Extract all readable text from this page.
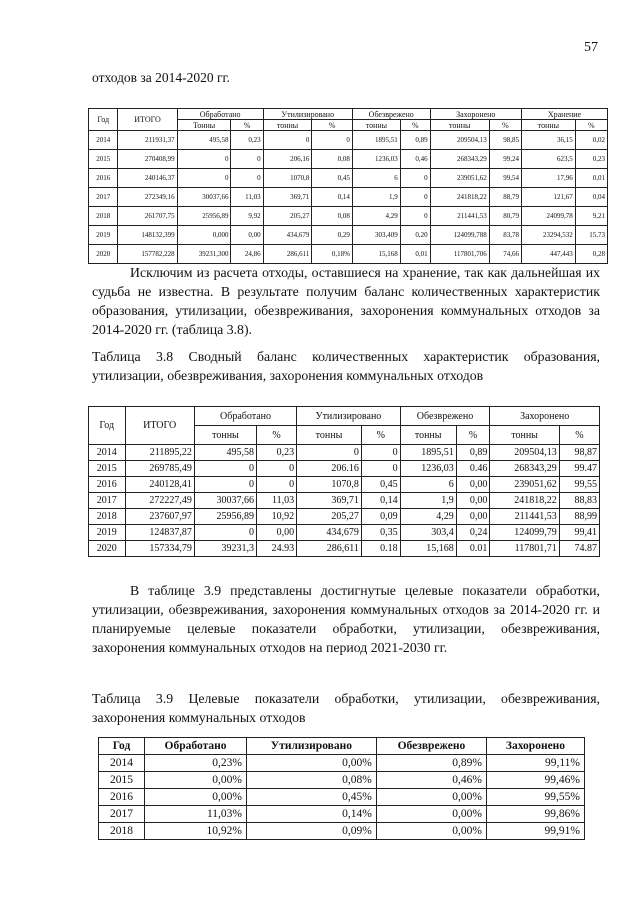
57
отходов за 2014-2020 гг.
Год	ИТОГО	Обработано		Утилизировано		Обезврежено		Захоронено		Хранение	
		Тонны	%	тонны	%	тонны	%	тонны	%	тонны	%
2014	211931,37	495,58	0,23	0	0	1895,51	0,89	209504,13	98,85	36,15	0,02
2015	270408,99	0	0	206,16	0,08	1236,03	0,46	268343,29	99,24	623,5	0,23
2016	240146,37	0	0	1070,8	0,45	6	0	239051,62	99,54	17,96	0,01
2017	272349,16	30037,66	11,03	369,71	0,14	1,9	0	241818,22	88,79	121,67	0,04
2018	261707,75	25956,89	9,92	205,27	0,08	4,29	0	211441,53	80,79	24099,78	9,21
2019	148132,399	0,000	0,00	434,679	0,29	303,409	0,20	124099,788	83,78	23294,532	15,73
2020	157782,228	39231,300	24,86	286,611	0,18%	15,168	0,01	117801,706	74,66	447,443	0,28

Исключим из расчета отходы, оставшиеся на хранение, так как дальнейшая их судьба не известна. В результате получим баланс количественных характеристик образования, утилизации, обезвреживания, захоронения коммунальных отходов за 2014-2020 гг. (таблица 3.8).

Таблица 3.8 Сводный баланс количественных характеристик образования, утилизации, обезвреживания, захоронения коммунальных отходов

Год	ИТОГО	Обработано		Утилизировано		Обезврежено		Захоронено	
		тонны	%	тонны	%	тонны	%	тонны	%
2014	211895,22	495,58	0,23	0	0	1895,51	0,89	209504,13	98,87
2015	269785,49	0	0	206.16	0	1236,03	0.46	268343,29	99.47
2016	240128,41	0	0	1070,8	0,45	6	0,00	239051,62	99,55
2017	272227,49	30037,66	11,03	369,71	0,14	1,9	0,00	241818,22	88,83
2018	237607,97	25956,89	10,92	205,27	0,09	4,29	0,00	211441,53	88,99
2019	124837,87	0	0,00	434,679	0,35	303,4	0,24	124099,79	99,41
2020	157334,79	39231,3	24.93	286,611	0.18	15,168	0.01	117801,71	74.87

В таблице 3.9 представлены достигнутые целевые показатели обработки, утилизации, обезвреживания, захоронения коммунальных отходов за 2014-2020 гг. и планируемые целевые показатели обработки, утилизации, обезвреживания, захоронения коммунальных отходов на период 2021-2030 гг.

Таблица 3.9 Целевые показатели обработки, утилизации, обезвреживания, захоронения коммунальных отходов

Год	Обработано	Утилизировано	Обезврежено	Захоронено
2014	0,23%	0,00%	0,89%	99,11%
2015	0,00%	0,08%	0,46%	99,46%
2016	0,00%	0,45%	0,00%	99,55%
2017	11,03%	0,14%	0,00%	99,86%
2018	10,92%	0,09%	0,00%	99,91%
